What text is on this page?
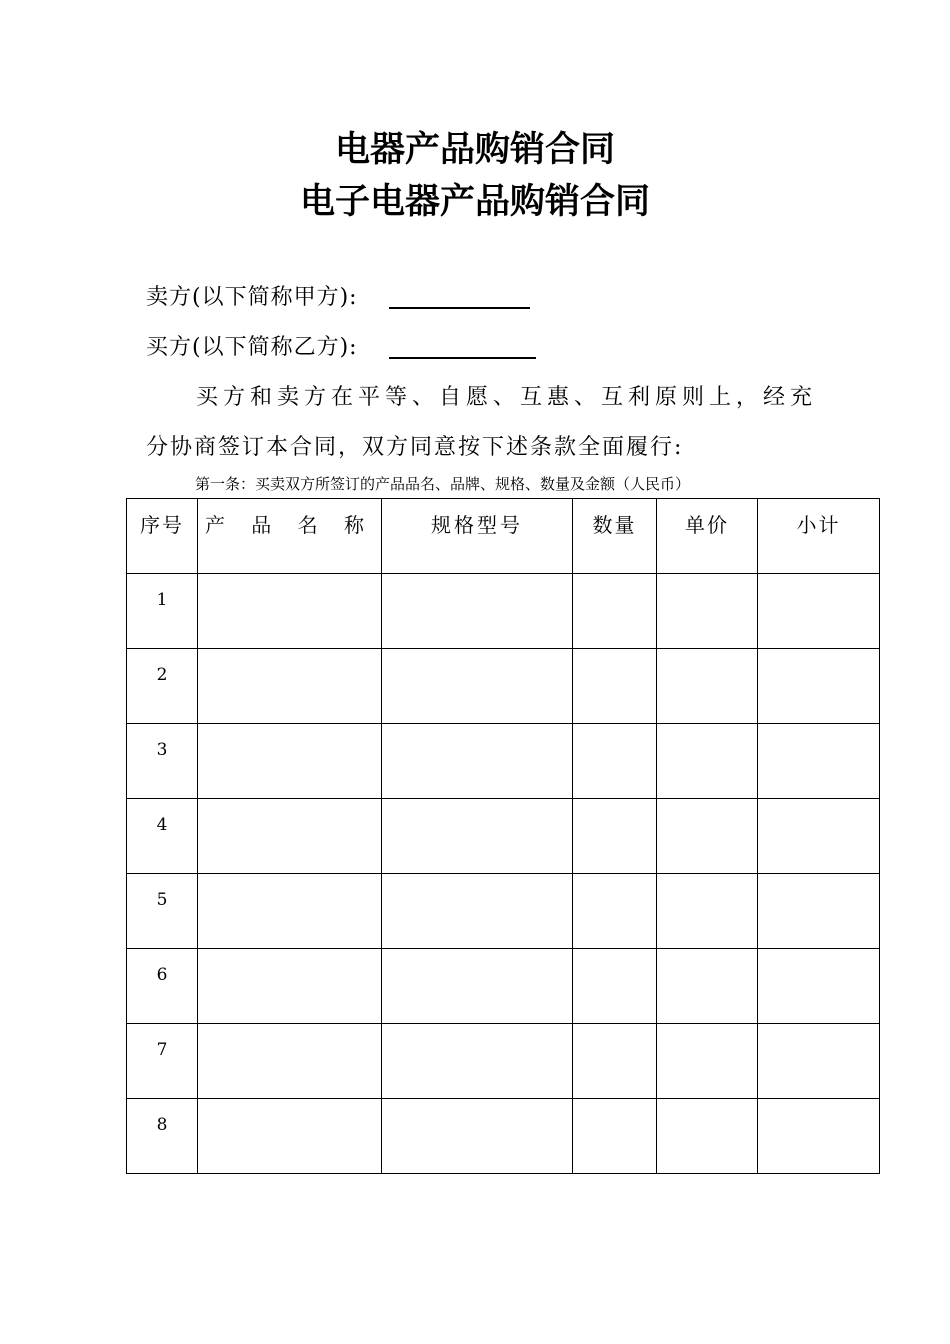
电器产品购销合同
电子电器产品购销合同
卖方(以下简称甲方):
买方(以下简称乙方):
买方和卖方在平等、自愿、互惠、互利原则上，经充
分协商签订本合同，双方同意按下述条款全面履行:
第一条：买卖双方所签订的产品品名、品牌、规格、数量及金额（人民币）
序号	产 品 名 称	规格型号	数量	单价	小计
1					
2					
3					
4					
5					
6					
7					
8					
